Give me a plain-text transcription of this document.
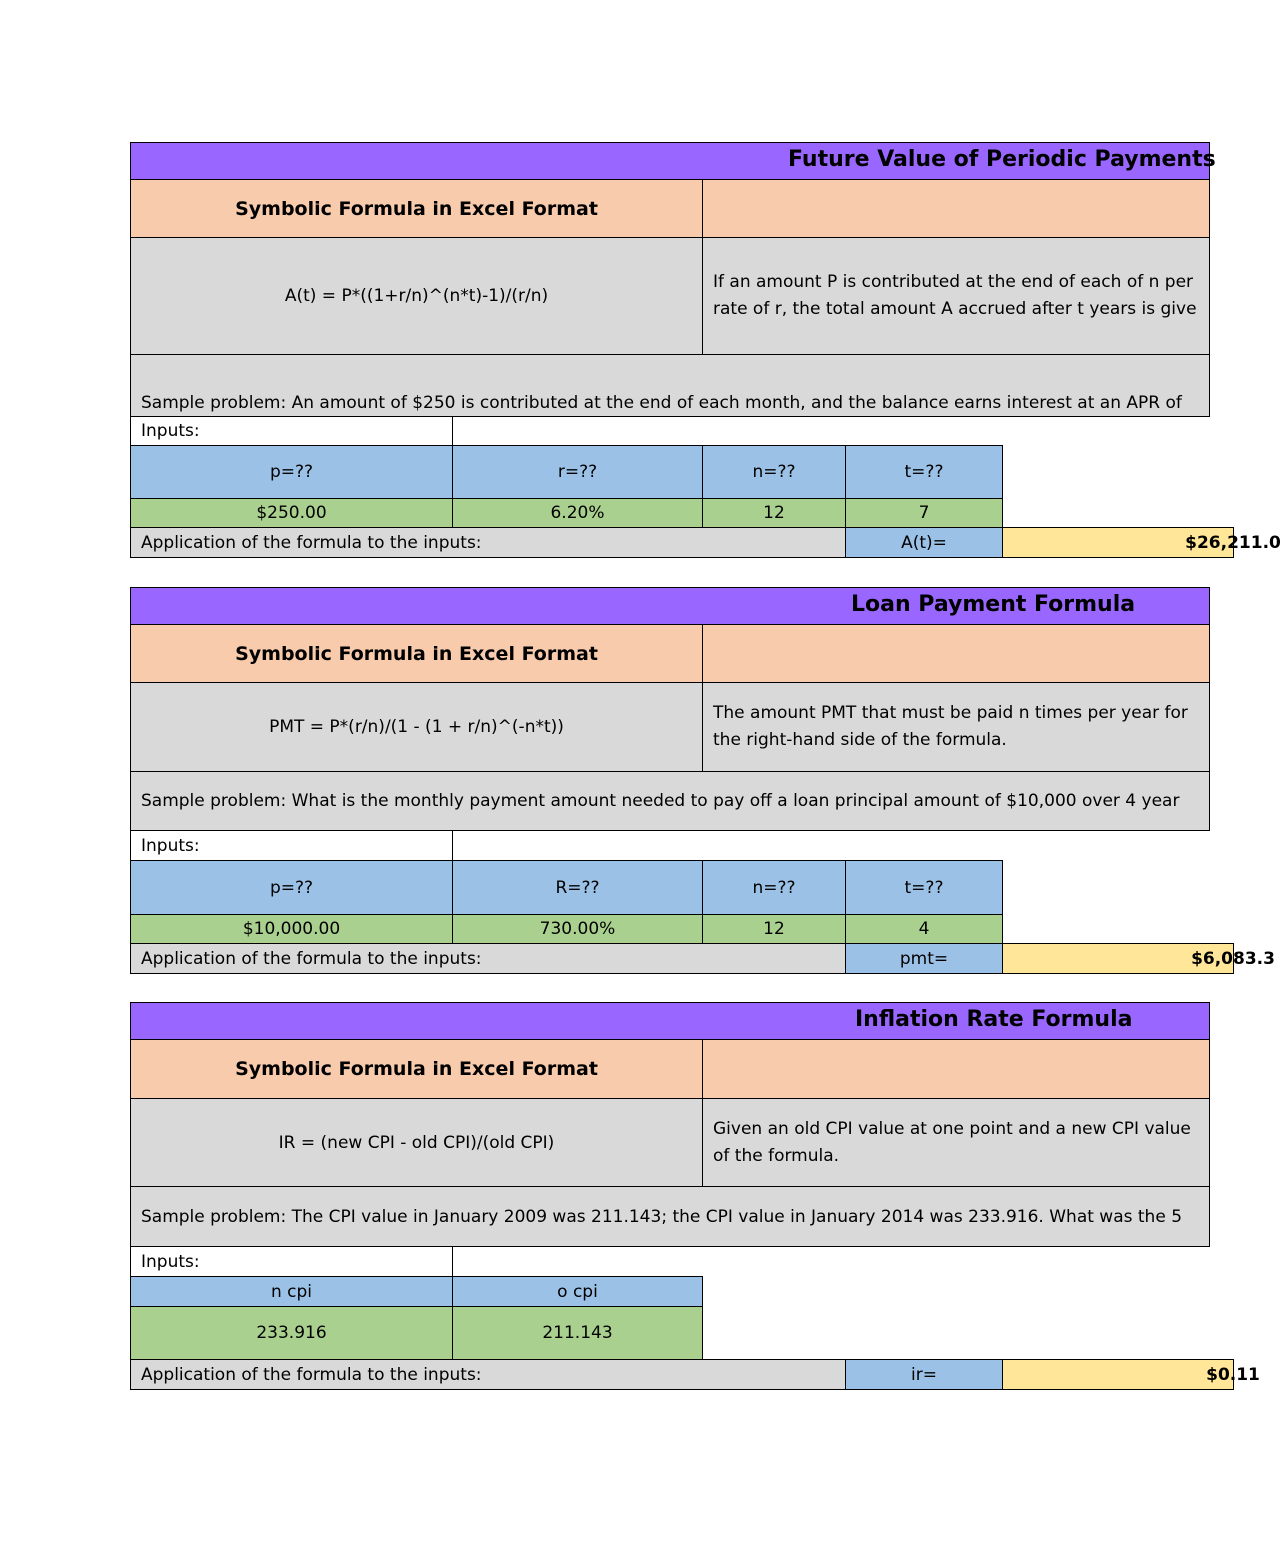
Future Value of Periodic Payments
Symbolic Formula in Excel Format
A(t) = P*((1+r/n)^(n*t)-1)/(r/n)
If an amount P is contributed at the end of each of n per
rate of r, the total amount A accrued after t years is give
Sample problem: An amount of $250 is contributed at the end of each month, and the balance earns interest at an APR of
Inputs:
p=??	r=??	n=??	t=??
$250.00	6.20%	12	7
Application of the formula to the inputs:	A(t)=	$26,211.0
Loan Payment Formula
Symbolic Formula in Excel Format
PMT = P*(r/n)/(1 - (1 + r/n)^(-n*t))
The amount PMT that must be paid n times per year for
the right-hand side of the formula.
Sample problem: What is the monthly payment amount needed to pay off a loan principal amount of $10,000 over 4 year
Inputs:
p=??	R=??	n=??	t=??
$10,000.00	730.00%	12	4
Application of the formula to the inputs:	pmt=	$6,083.3
Inflation Rate Formula
Symbolic Formula in Excel Format
IR = (new CPI - old CPI)/(old CPI)
Given an old CPI value at one point and a new CPI value
of the formula.
Sample problem: The CPI value in January 2009 was 211.143; the CPI value in January 2014 was 233.916. What was the 5
Inputs:
n cpi	o cpi
233.916	211.143
Application of the formula to the inputs:	ir=	$0.11
